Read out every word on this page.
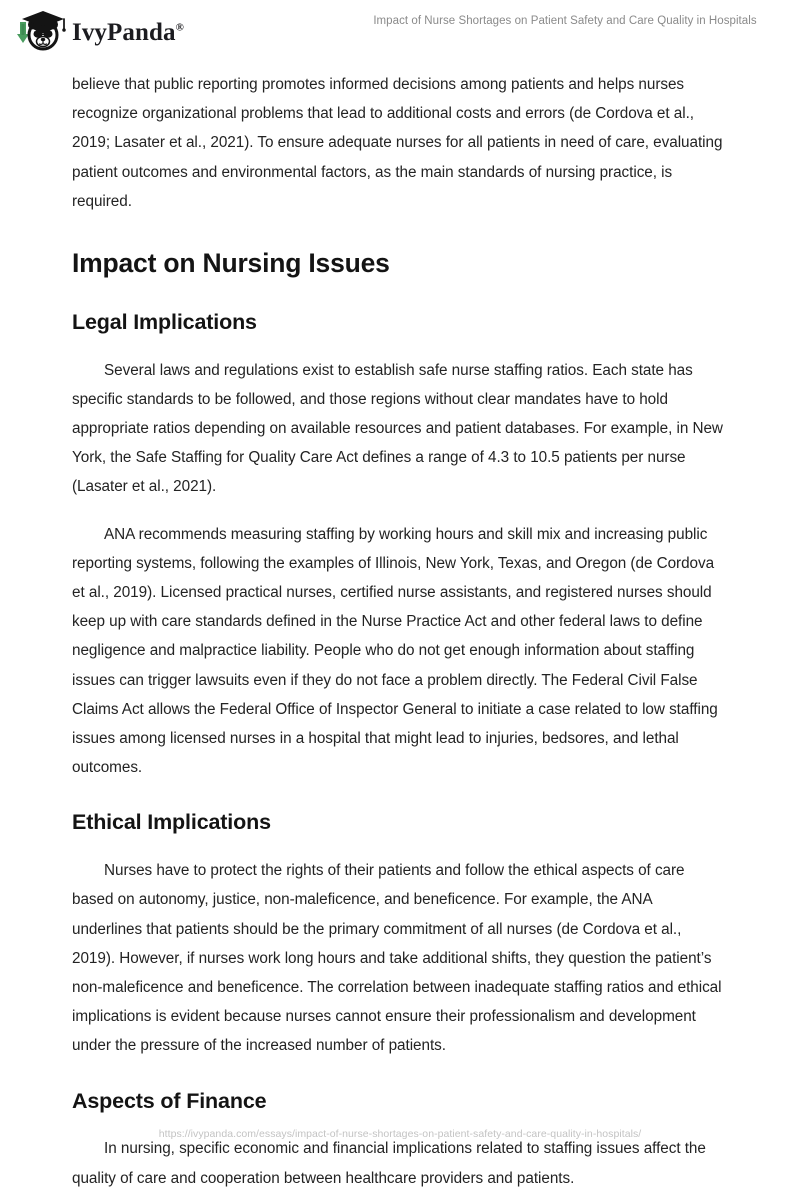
IvyPanda®
Impact of Nurse Shortages on Patient Safety and Care Quality in Hospitals

believe that public reporting promotes informed decisions among patients and helps nurses recognize organizational problems that lead to additional costs and errors (de Cordova et al., 2019; Lasater et al., 2021). To ensure adequate nurses for all patients in need of care, evaluating patient outcomes and environmental factors, as the main standards of nursing practice, is required.

Impact on Nursing Issues
Legal Implications

Several laws and regulations exist to establish safe nurse staffing ratios. Each state has specific standards to be followed, and those regions without clear mandates have to hold appropriate ratios depending on available resources and patient databases. For example, in New York, the Safe Staffing for Quality Care Act defines a range of 4.3 to 10.5 patients per nurse (Lasater et al., 2021).

ANA recommends measuring staffing by working hours and skill mix and increasing public reporting systems, following the examples of Illinois, New York, Texas, and Oregon (de Cordova et al., 2019). Licensed practical nurses, certified nurse assistants, and registered nurses should keep up with care standards defined in the Nurse Practice Act and other federal laws to define negligence and malpractice liability. People who do not get enough information about staffing issues can trigger lawsuits even if they do not face a problem directly. The Federal Civil False Claims Act allows the Federal Office of Inspector General to initiate a case related to low staffing issues among licensed nurses in a hospital that might lead to injuries, bedsores, and lethal outcomes.

Ethical Implications

Nurses have to protect the rights of their patients and follow the ethical aspects of care based on autonomy, justice, non-maleficence, and beneficence. For example, the ANA underlines that patients should be the primary commitment of all nurses (de Cordova et al., 2019). However, if nurses work long hours and take additional shifts, they question the patient’s non-maleficence and beneficence. The correlation between inadequate staffing ratios and ethical implications is evident because nurses cannot ensure their professionalism and development under the pressure of the increased number of patients.

Aspects of Finance

In nursing, specific economic and financial implications related to staffing issues affect the quality of care and cooperation between healthcare providers and patients.

https://ivypanda.com/essays/impact-of-nurse-shortages-on-patient-safety-and-care-quality-in-hospitals/
